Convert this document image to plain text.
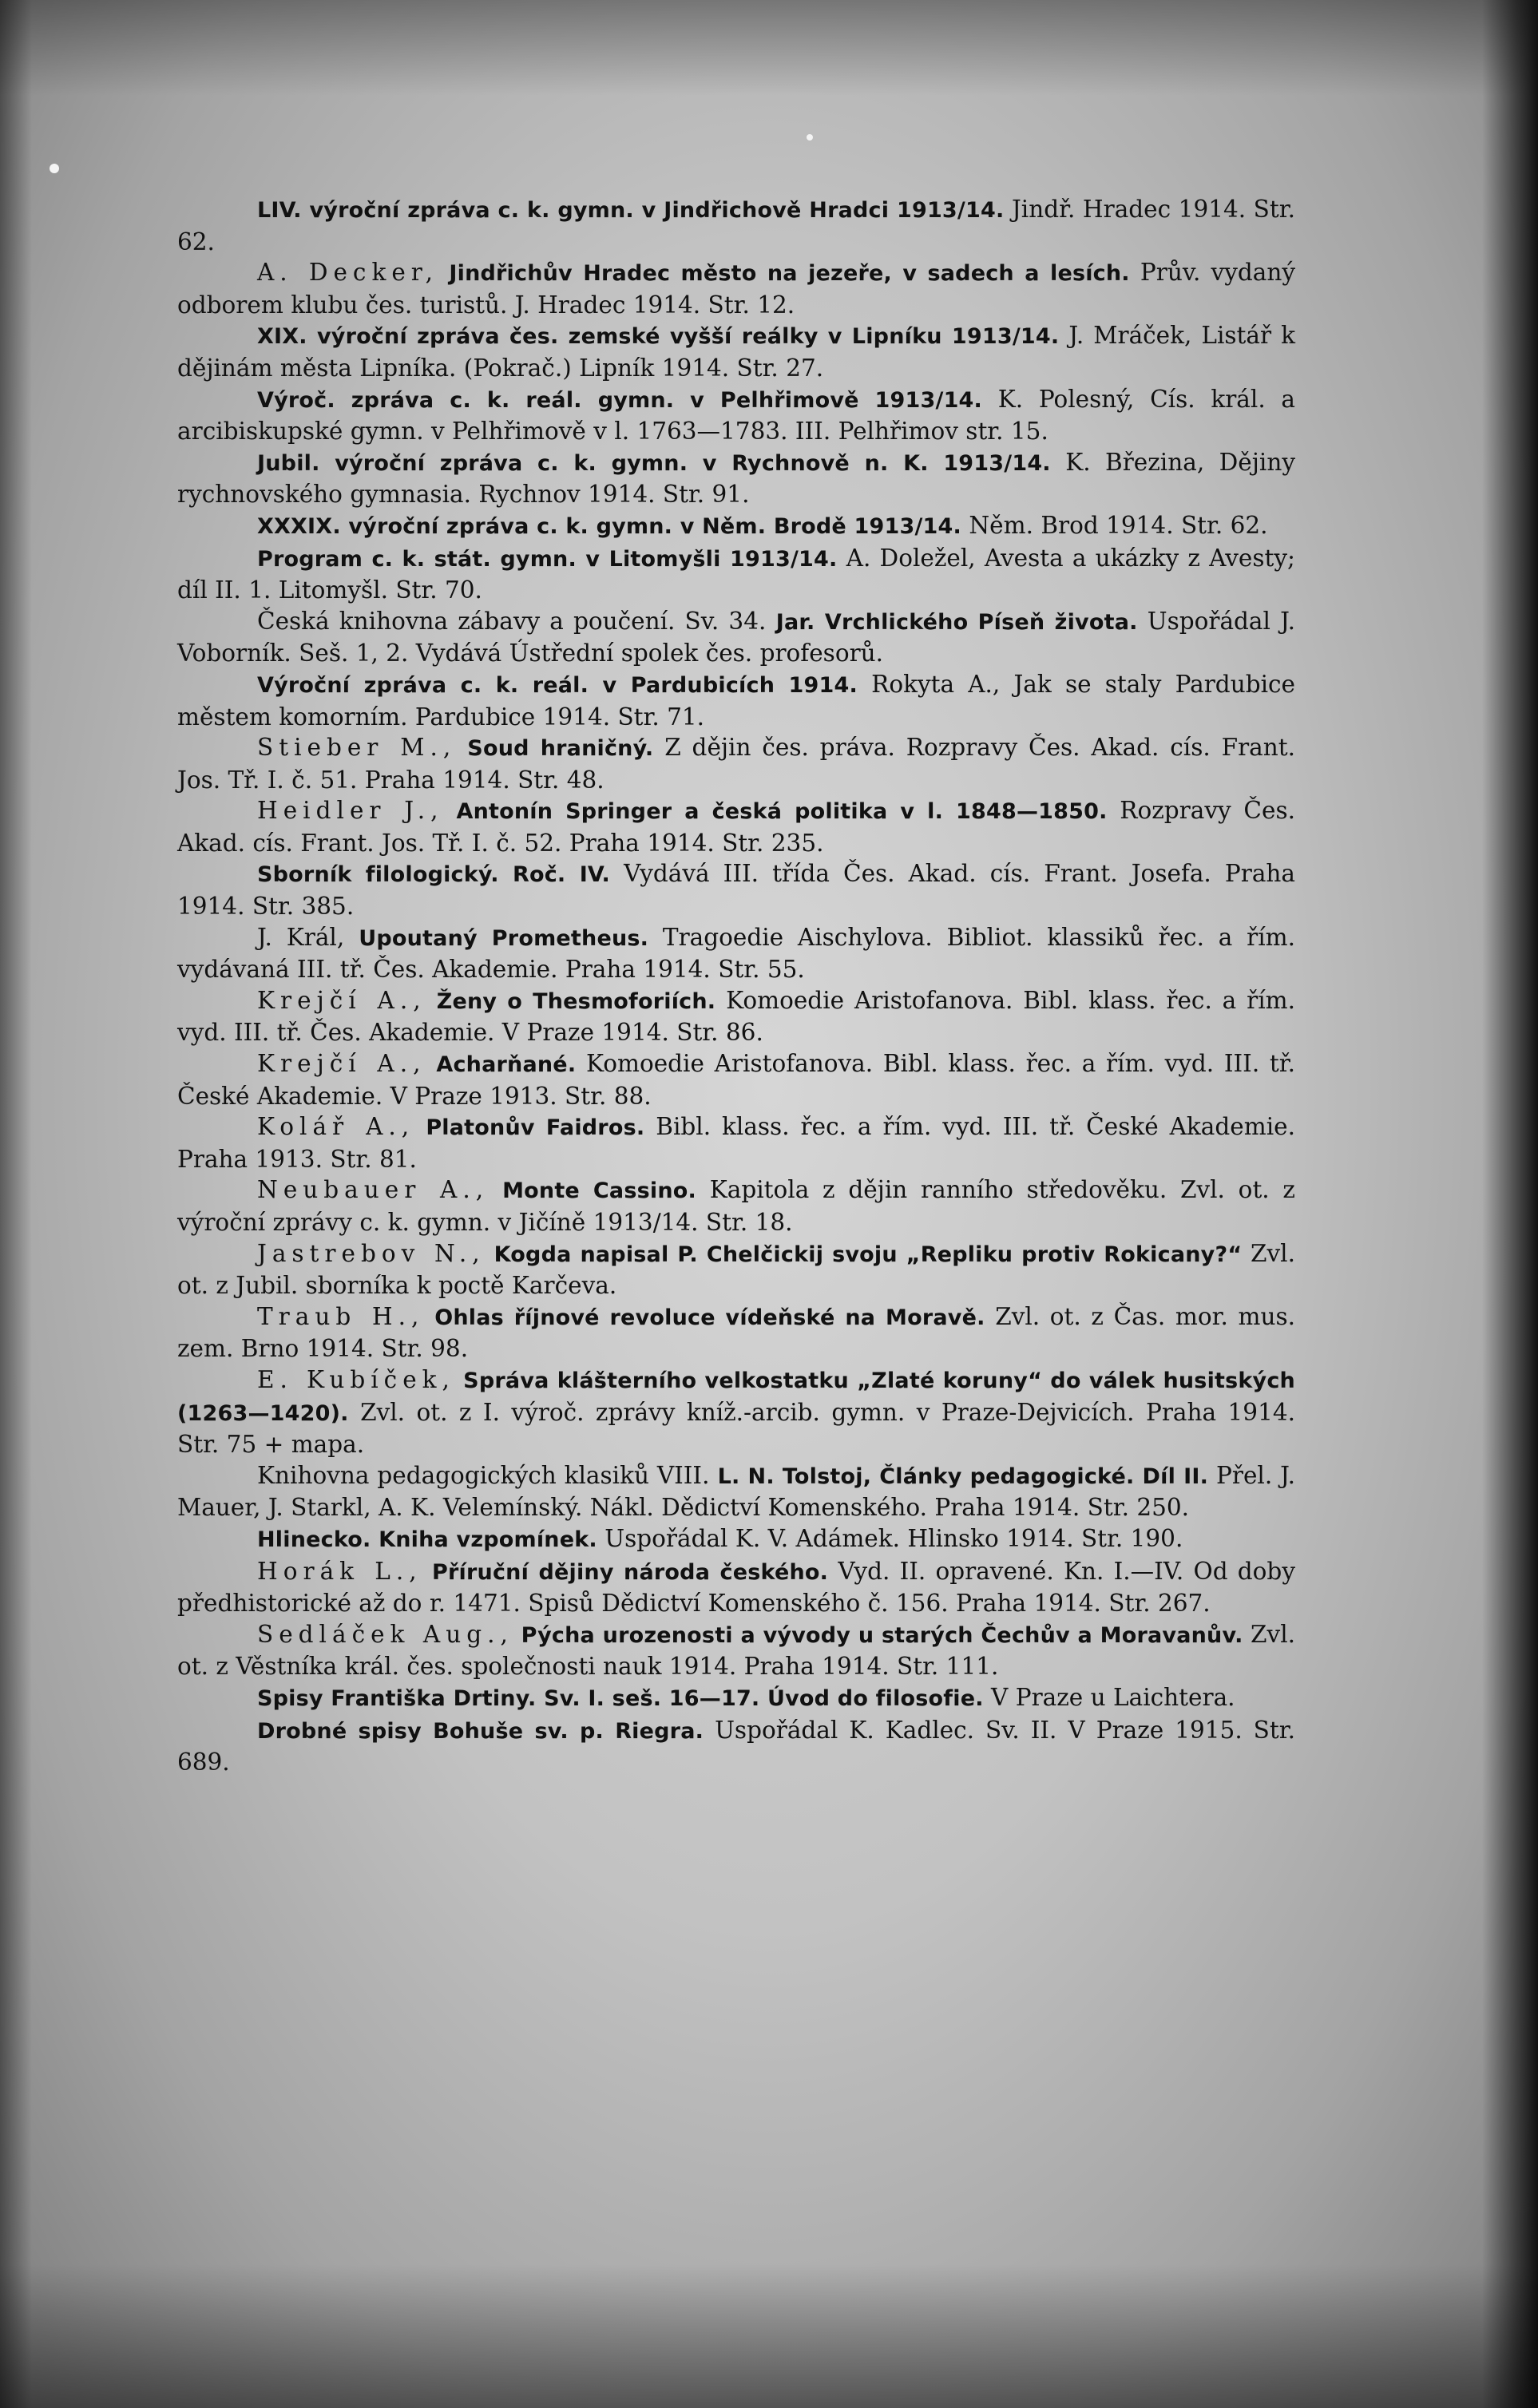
LIV. výroční zpráva c. k. gymn. v Jindřichově Hradci 1913/14. Jindř. Hradec 1914. Str. 62.

A. Decker, Jindřichův Hradec město na jezeře, v sadech a lesích. Prův. vydaný odborem klubu čes. turistů. J. Hradec 1914. Str. 12.

XIX. výroční zpráva čes. zemské vyšší reálky v Lipníku 1913/14. J. Mráček, Listář k dějinám města Lipníka. (Pokrač.) Lipník 1914. Str. 27.

Výroč. zpráva c. k. reál. gymn. v Pelhřimově 1913/14. K. Polesný, Cís. král. a arcibiskupské gymn. v Pelhřimově v l. 1763—1783. III. Pelhřimov str. 15.

Jubil. výroční zpráva c. k. gymn. v Rychnově n. K. 1913/14. K. Březina, Dějiny rychnovského gymnasia. Rychnov 1914. Str. 91.

XXXIX. výroční zpráva c. k. gymn. v Něm. Brodě 1913/14. Něm. Brod 1914. Str. 62.

Program c. k. stát. gymn. v Litomyšli 1913/14. A. Doležel, Avesta a ukázky z Avesty; díl II. 1. Litomyšl. Str. 70.

Česká knihovna zábavy a poučení. Sv. 34. Jar. Vrchlického Píseň života. Uspořádal J. Voborník. Seš. 1, 2. Vydává Ústřední spolek čes. profesorů.

Výroční zpráva c. k. reál. v Pardubicích 1914. Rokyta A., Jak se staly Pardubice městem komorním. Pardubice 1914. Str. 71.

Stieber M., Soud hraničný. Z dějin čes. práva. Rozpravy Čes. Akad. cís. Frant. Jos. Tř. I. č. 51. Praha 1914. Str. 48.

Heidler J., Antonín Springer a česká politika v l. 1848—1850. Rozpravy Čes. Akad. cís. Frant. Jos. Tř. I. č. 52. Praha 1914. Str. 235.

Sborník filologický. Roč. IV. Vydává III. třída Čes. Akad. cís. Frant. Josefa. Praha 1914. Str. 385.

J. Král, Upoutaný Prometheus. Tragoedie Aischylova. Bibliot. klassiků řec. a řím. vydávaná III. tř. Čes. Akademie. Praha 1914. Str. 55.

Krejčí A., Ženy o Thesmoforiích. Komoedie Aristofanova. Bibl. klass. řec. a řím. vyd. III. tř. Čes. Akademie. V Praze 1914. Str. 86.

Krejčí A., Acharňané. Komoedie Aristofanova. Bibl. klass. řec. a řím. vyd. III. tř. České Akademie. V Praze 1913. Str. 88.

Kolář A., Platonův Faidros. Bibl. klass. řec. a řím. vyd. III. tř. České Akademie. Praha 1913. Str. 81.

Neubauer A., Monte Cassino. Kapitola z dějin ranního středověku. Zvl. ot. z výroční zprávy c. k. gymn. v Jičíně 1913/14. Str. 18.

Jastrebov N., Kogda napisal P. Chelčickij svoju „Repliku protiv Rokicany?“ Zvl. ot. z Jubil. sborníka k poctě Karčeva.

Traub H., Ohlas říjnové revoluce vídeňské na Moravě. Zvl. ot. z Čas. mor. mus. zem. Brno 1914. Str. 98.

E. Kubíček, Správa klášterního velkostatku „Zlaté koruny“ do válek husitských (1263—1420). Zvl. ot. z I. výroč. zprávy kníž.-arcib. gymn. v Praze-Dejvicích. Praha 1914. Str. 75 + mapa.

Knihovna pedagogických klasiků VIII. L. N. Tolstoj, Články pedagogické. Díl II. Přel. J. Mauer, J. Starkl, A. K. Velemínský. Nákl. Dědictví Komenského. Praha 1914. Str. 250.

Hlinecko. Kniha vzpomínek. Uspořádal K. V. Adámek. Hlinsko 1914. Str. 190.

Horák L., Příruční dějiny národa českého. Vyd. II. opravené. Kn. I.—IV. Od doby předhistorické až do r. 1471. Spisů Dědictví Komenského č. 156. Praha 1914. Str. 267.

Sedláček Aug., Pýcha urozenosti a vývody u starých Čechův a Moravanův. Zvl. ot. z Věstníka král. čes. společnosti nauk 1914. Praha 1914. Str. 111.

Spisy Františka Drtiny. Sv. I. seš. 16—17. Úvod do filosofie. V Praze u Laichtera.

Drobné spisy Bohuše sv. p. Riegra. Uspořádal K. Kadlec. Sv. II. V Praze 1915. Str. 689.
